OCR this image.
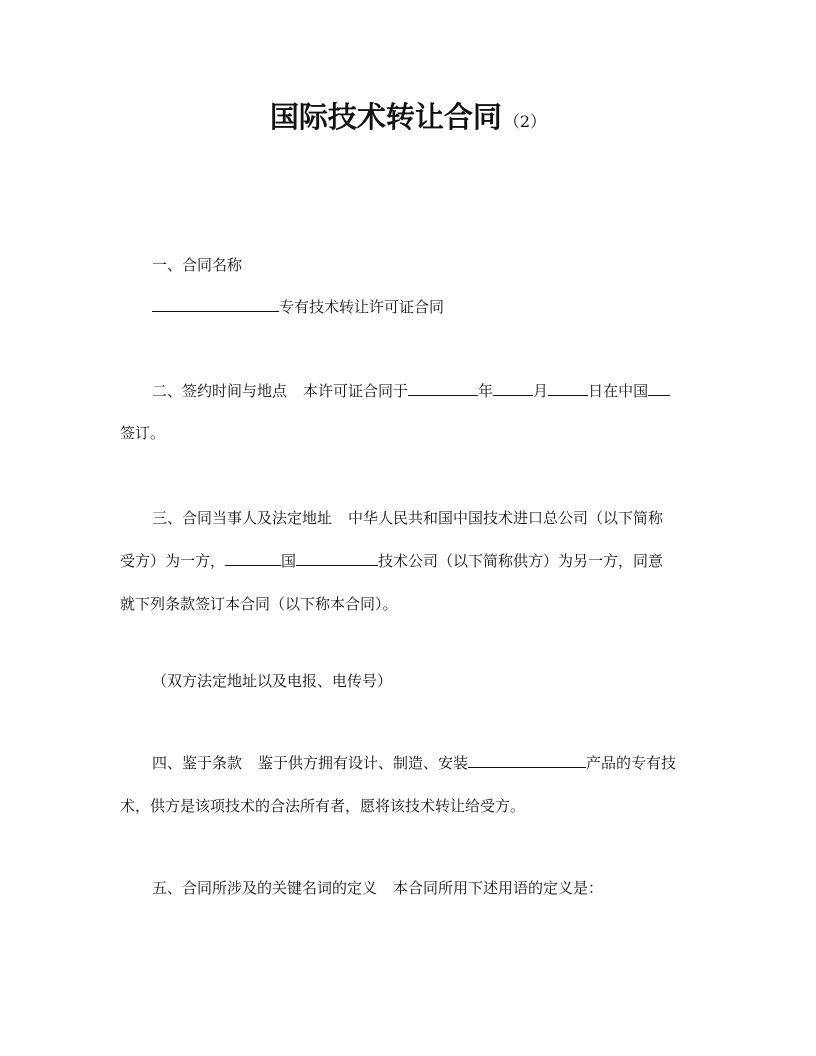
国际技术转让合同 （2）
一、合同名称
专有技术转让许可证合同
二、签约时间与地点 本许可证合同于	年	月	日在中国
签订。
三、合同当事人及法定地址 中华人民共和国中国技术进口总公司（以下简称
受方）为一方，	国	技术公司（以下简称供方）为另一方，同意
就下列条款签订本合同（以下称本合同）。
（双方法定地址以及电报、电传号）
四、鉴于条款 鉴于供方拥有设计、制造、安装	产品的专有技
术，供方是该项技术的合法所有者，愿将该技术转让给受方。
五、合同所涉及的关键名词的定义 本合同所用下述用语的定义是：
